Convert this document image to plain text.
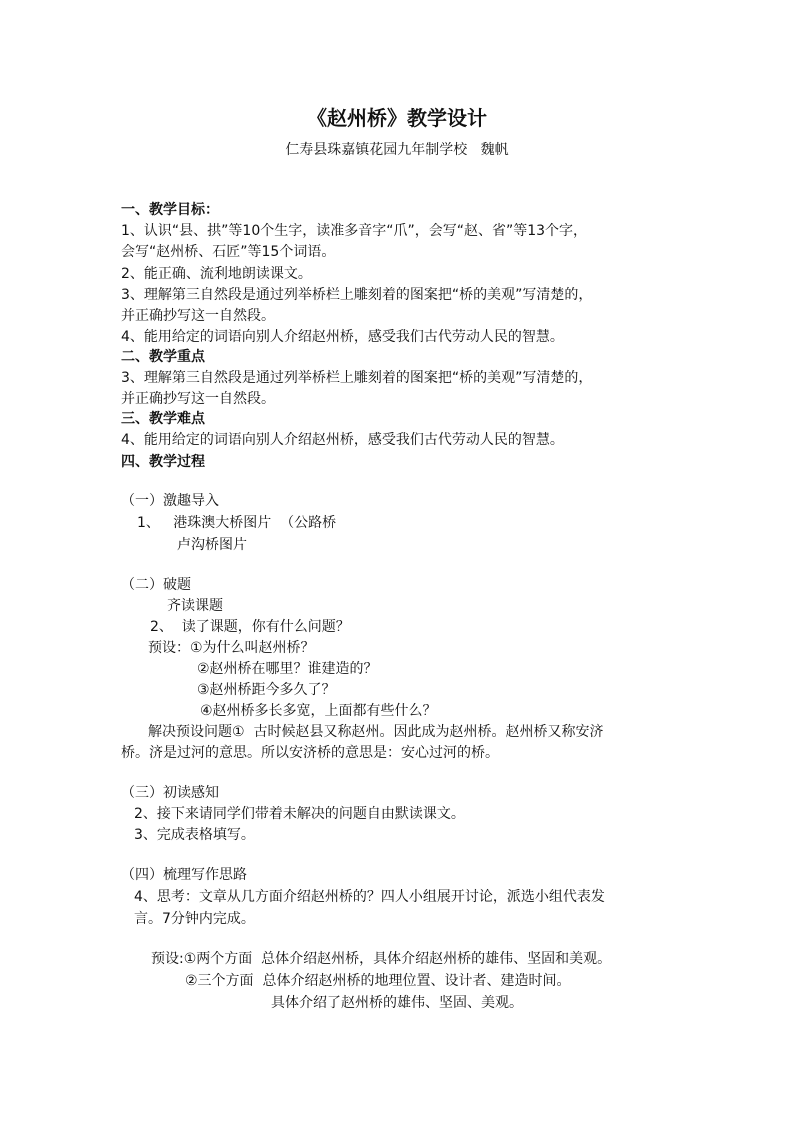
《赵州桥》教学设计
仁寿县珠嘉镇花园九年制学校   魏帆
一、教学目标：
1、认识“县、拱”等10个生字，读准多音字“爪”，会写“赵、省”等13个字，
会写“赵州桥、石匠”等15个词语。
2、能正确、流利地朗读课文。
3、理解第三自然段是通过列举桥栏上雕刻着的图案把“桥的美观”写清楚的，
并正确抄写这一自然段。
4、能用给定的词语向别人介绍赵州桥，感受我们古代劳动人民的智慧。
二、教学重点
3、理解第三自然段是通过列举桥栏上雕刻着的图案把“桥的美观”写清楚的，
并正确抄写这一自然段。
三、教学难点
4、能用给定的词语向别人介绍赵州桥，感受我们古代劳动人民的智慧。
四、教学过程
（一）激趣导入
1、   港珠澳大桥图片  （公路桥
卢沟桥图片
（二）破题
齐读课题
2、  读了课题，你有什么问题？
预设：①为什么叫赵州桥？
②赵州桥在哪里？谁建造的？
③赵州桥距今多久了？
④赵州桥多长多宽，上面都有些什么？
解决预设问题①  古时候赵县又称赵州。因此成为赵州桥。赵州桥又称安济
桥。济是过河的意思。所以安济桥的意思是：安心过河的桥。
（三）初读感知
2、接下来请同学们带着未解决的问题自由默读课文。
3、完成表格填写。
（四）梳理写作思路
4、思考：文章从几方面介绍赵州桥的？四人小组展开讨论，派选小组代表发
言。7分钟内完成。
预设:①两个方面  总体介绍赵州桥，具体介绍赵州桥的雄伟、坚固和美观。
②三个方面  总体介绍赵州桥的地理位置、设计者、建造时间。
具体介绍了赵州桥的雄伟、坚固、美观。
